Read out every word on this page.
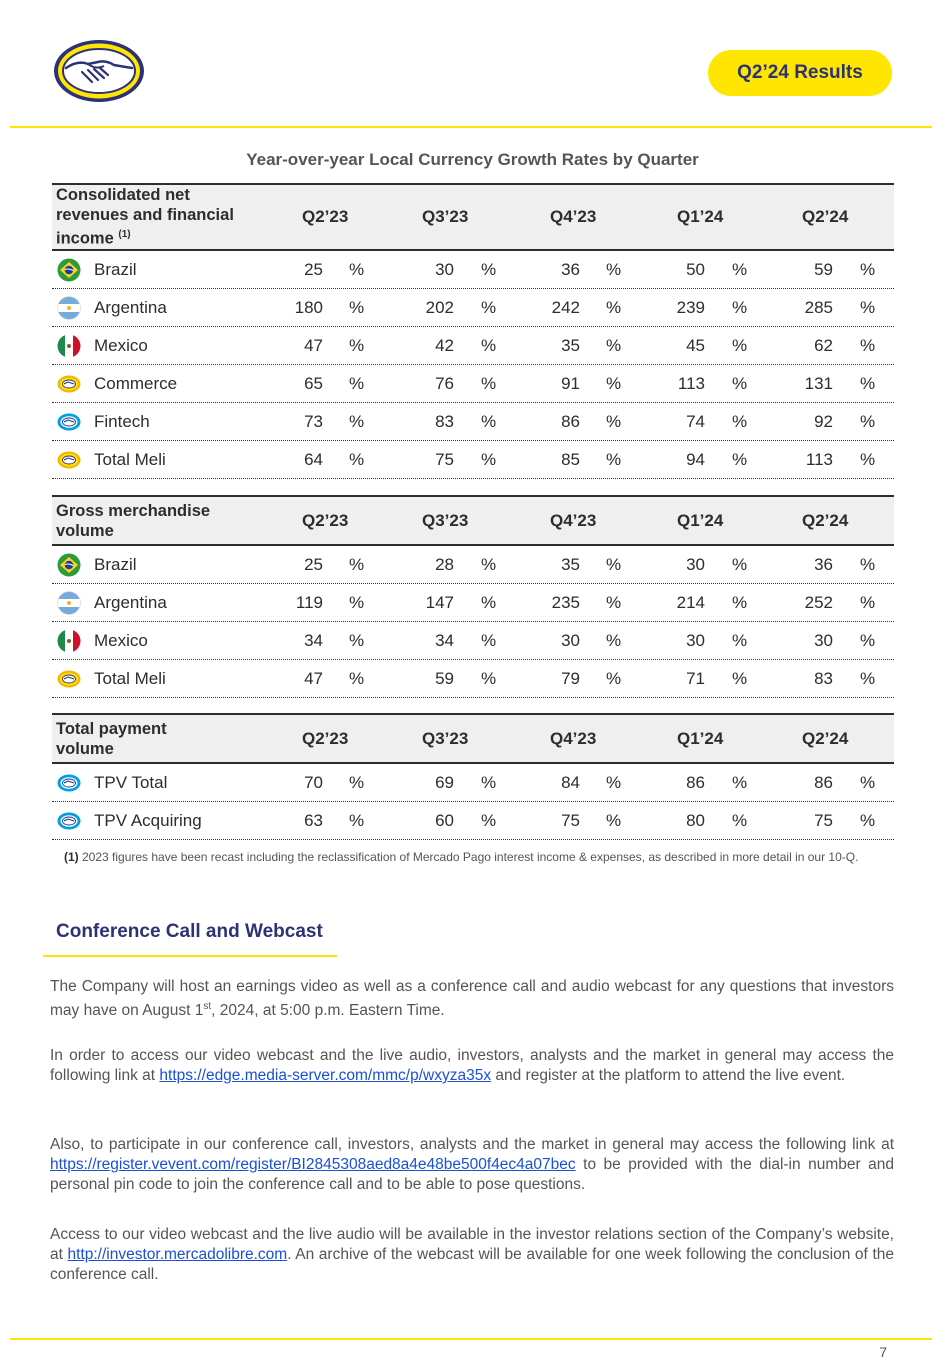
Q2’24 Results
Year-over-year Local Currency Growth Rates by Quarter
Consolidated net
revenues and financial
income $^{(1)}$
Q2’23	Q3’23	Q4’23	Q1’24	Q2’24
Brazil	25 %	30 %	36 %	50 %	59 %
Argentina	180 %	202 %	242 %	239 %	285 %
Mexico	47 %	42 %	35 %	45 %	62 %
Commerce	65 %	76 %	91 %	113 %	131 %
Fintech	73 %	83 %	86 %	74 %	92 %
Total Meli	64 %	75 %	85 %	94 %	113 %
Gross merchandise
volume
Q2’23	Q3’23	Q4’23	Q1’24	Q2’24
Brazil	25 %	28 %	35 %	30 %	36 %
Argentina	119 %	147 %	235 %	214 %	252 %
Mexico	34 %	34 %	30 %	30 %	30 %
Total Meli	47 %	59 %	79 %	71 %	83 %
Total payment
volume
Q2’23	Q3’23	Q4’23	Q1’24	Q2’24
TPV Total	70 %	69 %	84 %	86 %	86 %
TPV Acquiring	63 %	60 %	75 %	80 %	75 %
(1) 2023 figures have been recast including the reclassification of Mercado Pago interest income & expenses, as described in more detail in our 10-Q.
Conference Call and Webcast

The Company will host an earnings video as well as a conference call and audio webcast for any questions that investors may have on August 1st, 2024, at 5:00 p.m. Eastern Time.

In order to access our video webcast and the live audio, investors, analysts and the market in general may access the following link at https://edge.media-server.com/mmc/p/wxyza35x and register at the platform to attend the live event.

Also, to participate in our conference call, investors, analysts and the market in general may access the following link at https://register.vevent.com/register/BI2845308aed8a4e48be500f4ec4a07bec to be provided with the dial-in number and personal pin code to join the conference call and to be able to pose questions.

Access to our video webcast and the live audio will be available in the investor relations section of the Company’s website, at http://investor.mercadolibre.com. An archive of the webcast will be available for one week following the conclusion of the conference call.

7
